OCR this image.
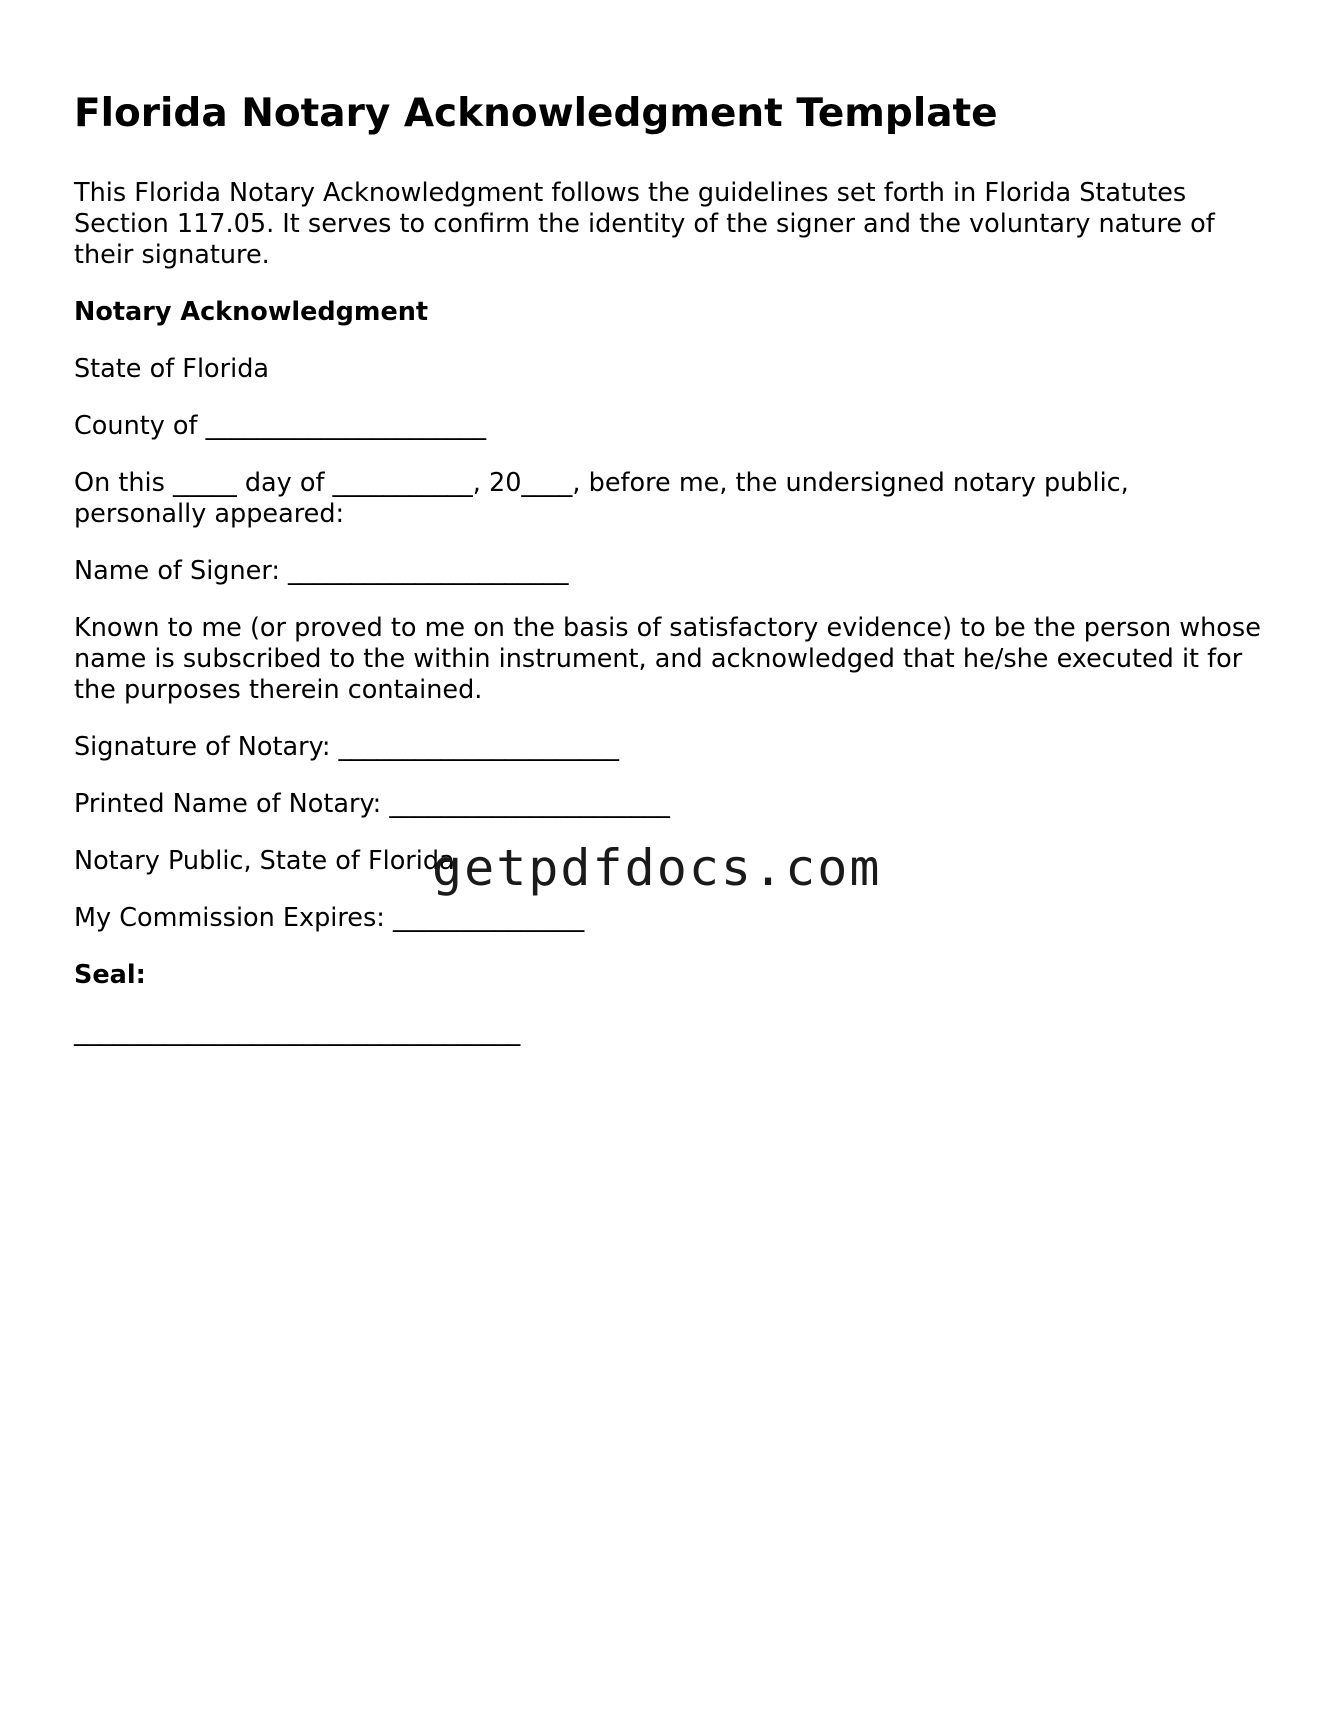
Florida Notary Acknowledgment Template

This Florida Notary Acknowledgment follows the guidelines set forth in Florida Statutes Section 117.05. It serves to confirm the identity of the signer and the voluntary nature of their signature.

Notary Acknowledgment

State of Florida

County of ______________________

On this _____ day of ___________, 20____, before me, the undersigned notary public, personally appeared:

Name of Signer: ______________________

Known to me (or proved to me on the basis of satisfactory evidence) to be the person whose name is subscribed to the within instrument, and acknowledged that he/she executed it for the purposes therein contained.

Signature of Notary: ______________________

Printed Name of Notary: ______________________

Notary Public, State of Florida

My Commission Expires: _______________

Seal:

___________________________________

getpdfdocs.com
